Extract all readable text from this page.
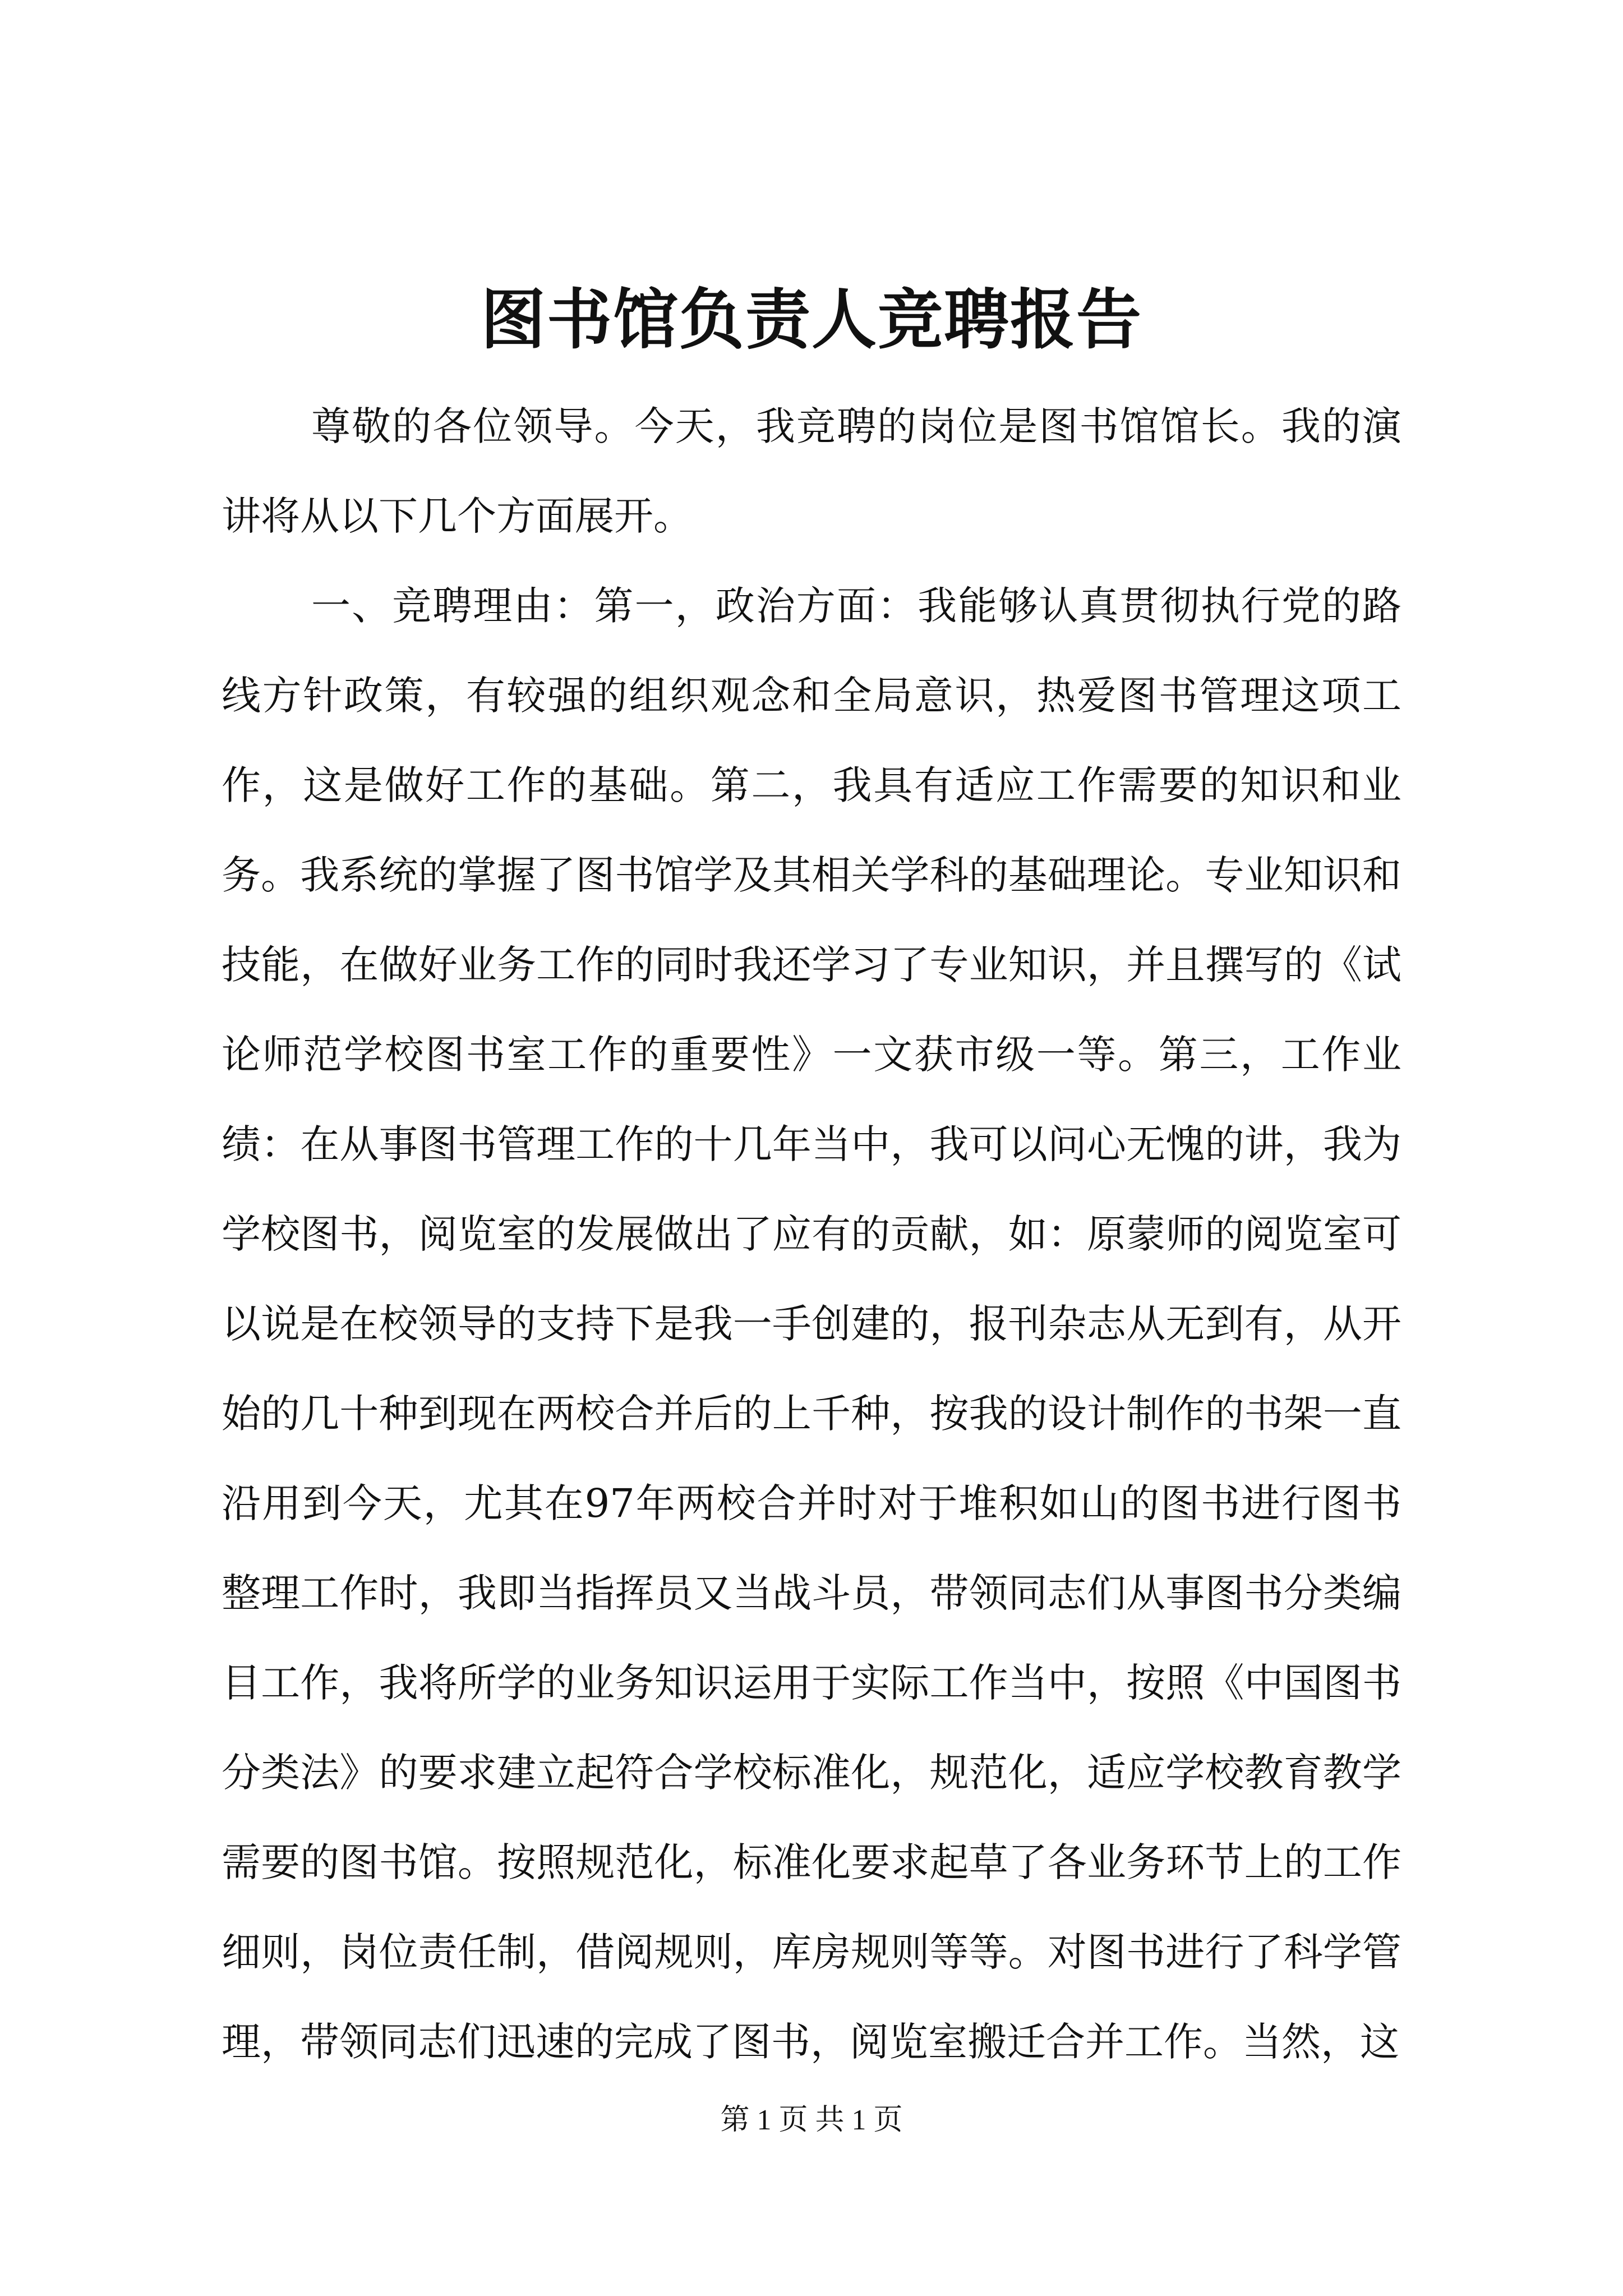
图书馆负责人竞聘报告

尊敬的各位领导。今天，我竞聘的岗位是图书馆馆长。我的演讲将从以下几个方面展开。

一、竞聘理由：第一，政治方面：我能够认真贯彻执行党的路线方针政策，有较强的组织观念和全局意识，热爱图书管理这项工作，这是做好工作的基础。第二，我具有适应工作需要的知识和业务。我系统的掌握了图书馆学及其相关学科的基础理论。专业知识和技能，在做好业务工作的同时我还学习了专业知识，并且撰写的《试论师范学校图书室工作的重要性》一文获市级一等。第三，工作业绩：在从事图书管理工作的十几年当中，我可以问心无愧的讲，我为学校图书，阅览室的发展做出了应有的贡献，如：原蒙师的阅览室可以说是在校领导的支持下是我一手创建的，报刊杂志从无到有，从开始的几十种到现在两校合并后的上千种，按我的设计制作的书架一直沿用到今天，尤其在97年两校合并时对于堆积如山的图书进行图书整理工作时，我即当指挥员又当战斗员，带领同志们从事图书分类编目工作，我将所学的业务知识运用于实际工作当中，按照《中国图书分类法》的要求建立起符合学校标准化，规范化，适应学校教育教学需要的图书馆。按照规范化，标准化要求起草了各业务环节上的工作细则，岗位责任制，借阅规则，库房规则等等。对图书进行了科学管理，带领同志们迅速的完成了图书，阅览室搬迁合并工作。当然，这

第 1 页 共 1 页
